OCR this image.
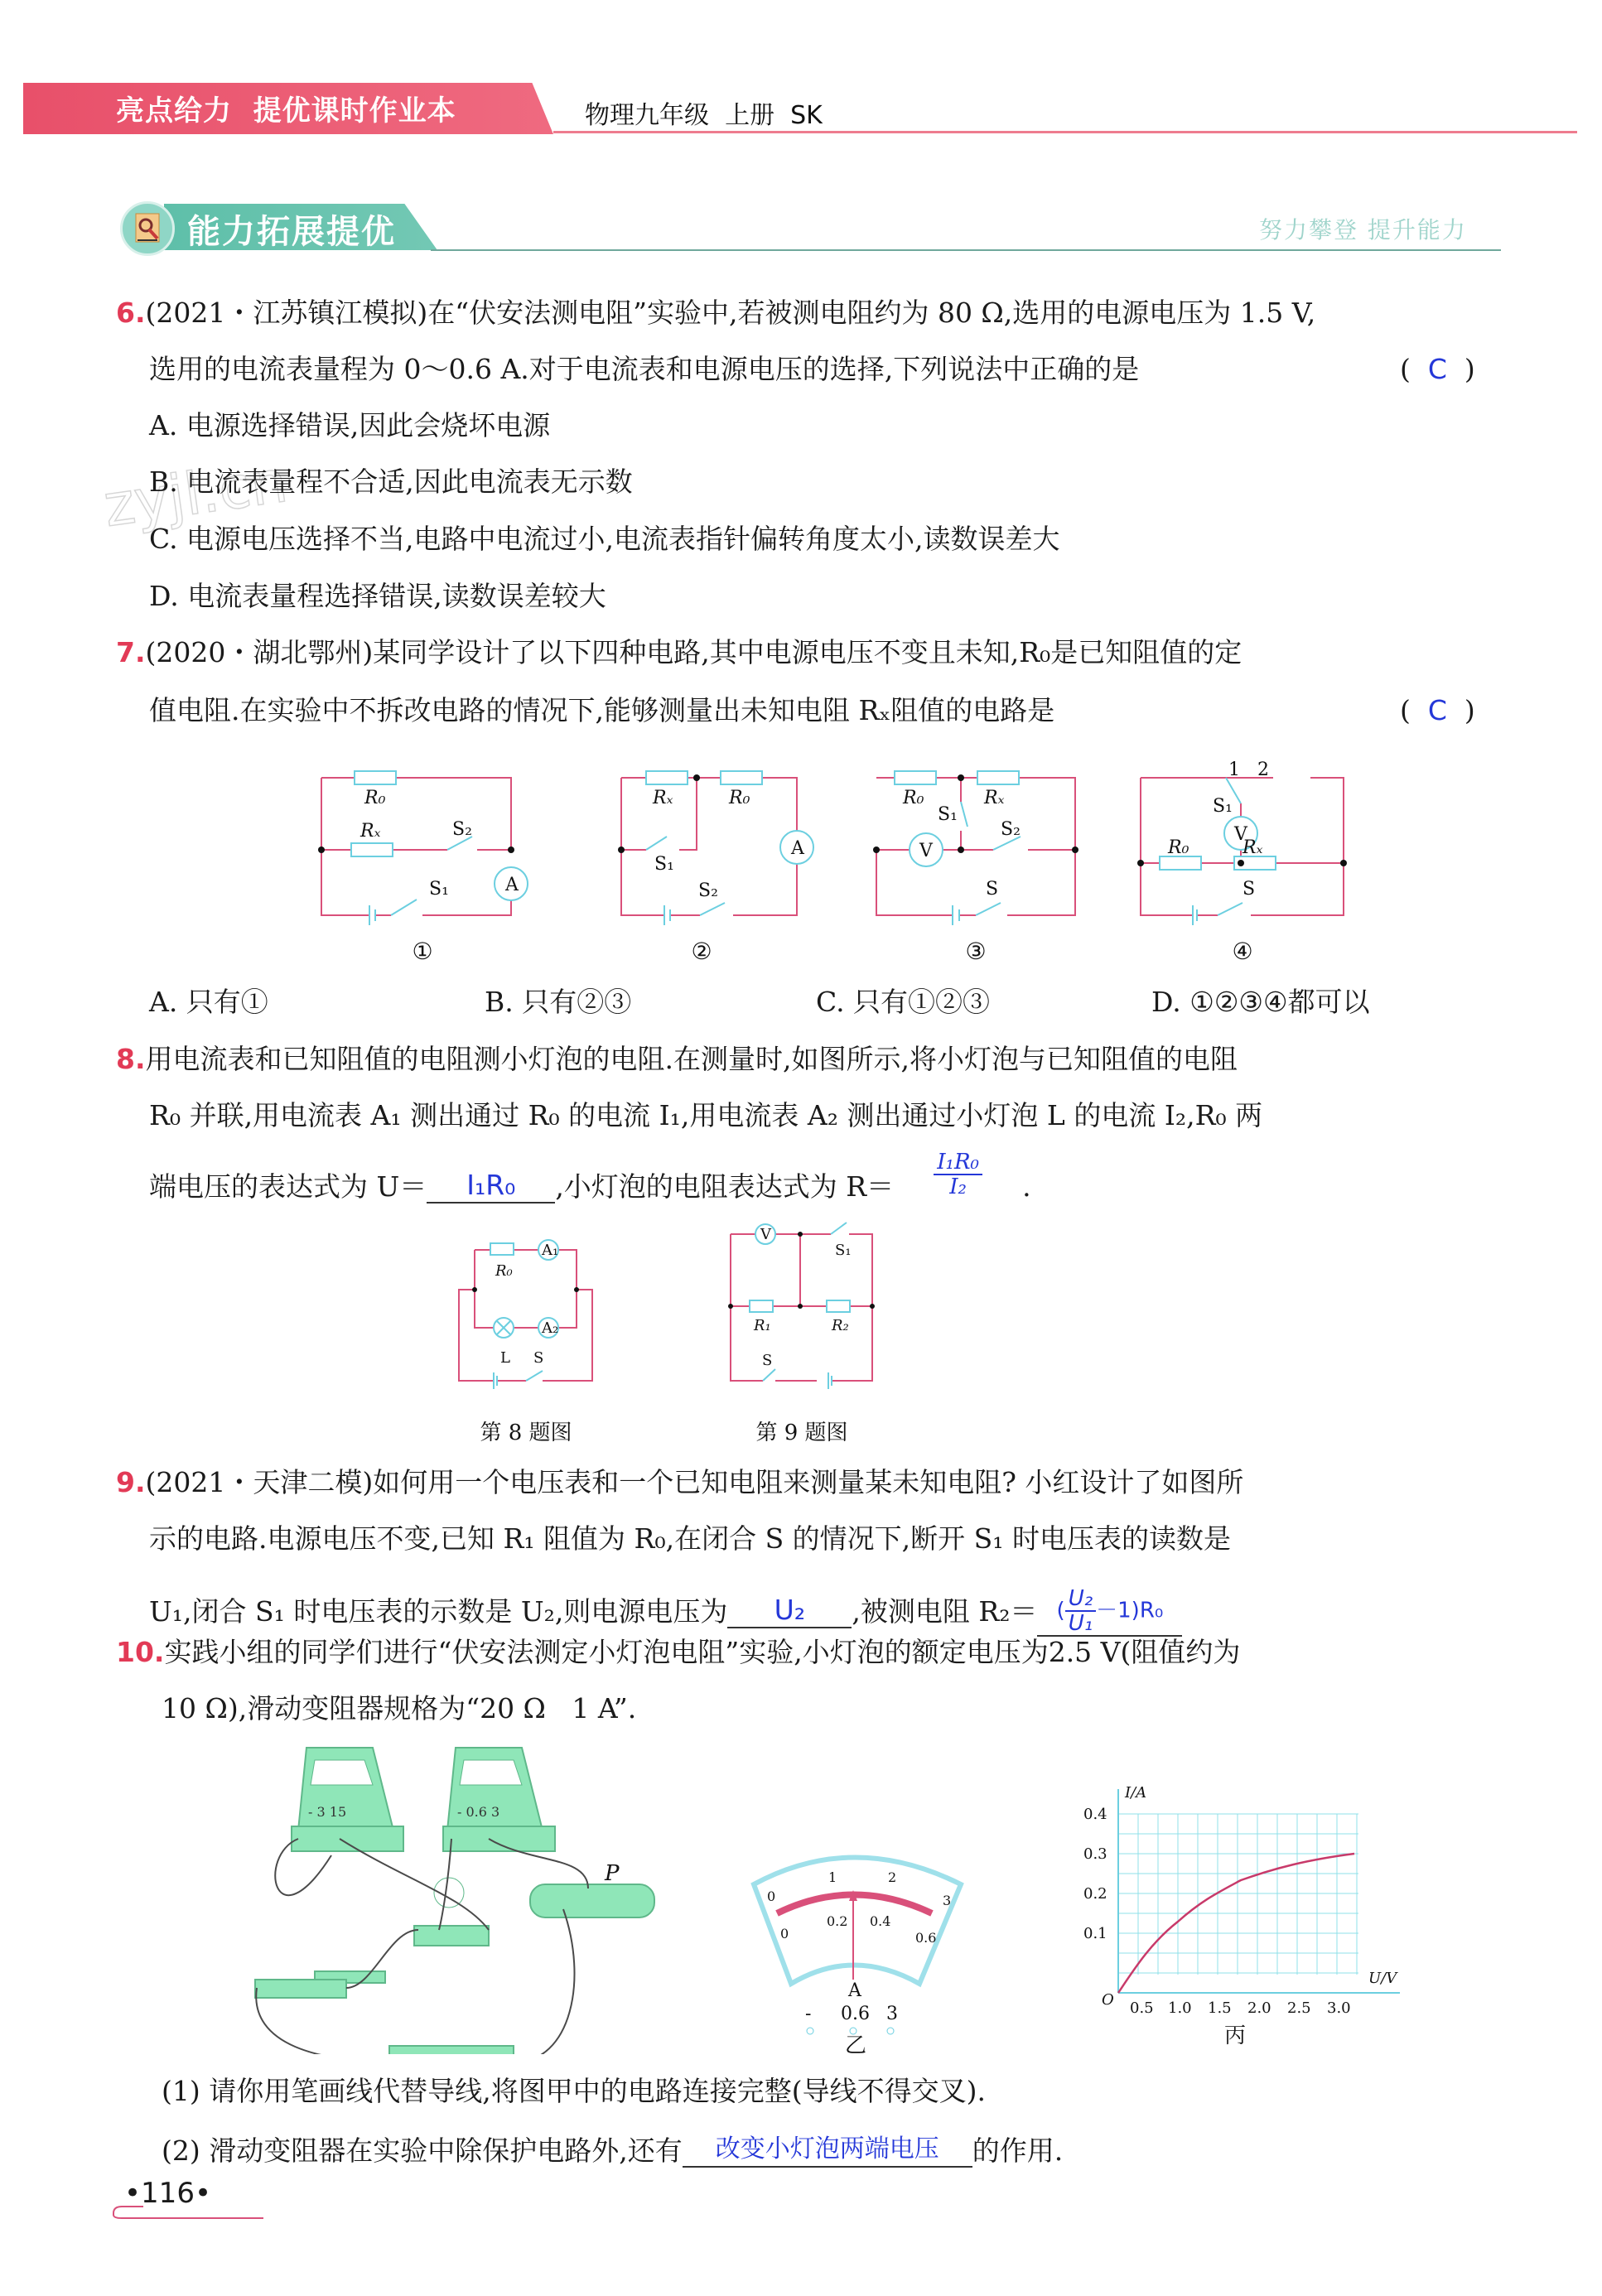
亮点给力  提优课时作业本	物理九年级  上册  SK
能力拓展提优	努力攀登 提升能力
zyjl.cn
6.(2021・江苏镇江模拟)在“伏安法测电阻”实验中,若被测电阻约为 80 Ω,选用的电源电压为 1.5 V,
选用的电流表量程为 0～0.6 A.对于电流表和电源电压的选择,下列说法中正确的是	(  C  )
A. 电源选择错误,因此会烧坏电源
B. 电流表量程不合适,因此电流表无示数
C. 电源电压选择不当,电路中电流过小,电流表指针偏转角度太小,读数误差大
D. 电流表量程选择错误,读数误差较大
7.(2020・湖北鄂州)某同学设计了以下四种电路,其中电源电压不变且未知,R₀是已知阻值的定
值电阻.在实验中不拆改电路的情况下,能够测量出未知电阻 Rₓ阻值的电路是	(  C  )
R₀
Rₓ
Rₓ	R₀	R₀	Rₓ
R₀	Rₓ
S₂
S₁	A
S₁
S₂
A
S₁
S₂
S
V
1 2
S₁
V
S
①	②	③	④
A. 只有①	B. 只有②③	C. 只有①②③	D. ①②③④都可以
8.用电流表和已知阻值的电阻测小灯泡的电阻.在测量时,如图所示,将小灯泡与已知阻值的电阻
R₀ 并联,用电流表 A₁ 测出通过 R₀ 的电流 I₁,用电流表 A₂ 测出通过小灯泡 L 的电流 I₂,R₀ 两
端电压的表达式为 U＝ I₁R₀ ,小灯泡的电阻表达式为 $R= \frac{\text{I₁R₀}}{\text{I₂}}$ .
R₀
A₁
A₂
L S
V
S₁
R₁	R₂
S
第 8 题图	第 9 题图
9.(2021・天津二模)如何用一个电压表和一个已知电阻来测量某未知电阻? 小红设计了如图所
示的电路.电源电压不变,已知 R₁ 阻值为 R₀,在闭合 S 的情况下,断开 S₁ 时电压表的读数是
U₁,闭合 S₁ 时电压表的示数是 U₂,则电源电压为 U₂ ,被测电阻 R₂＝ ( $\frac{\text{U₂}}{\text{U₁}} -1)R_0$
10.实践小组的同学们进行“伏安法测定小灯泡电阻”实验,小灯泡的额定电压为2.5 V(阻值约为
10 Ω),滑动变阻器规格为“20 Ω   1 A”.
- 3 15	- 0.6 3
P
0
1	2
3
0
0.2 0.4
0.6
A
- 0.6 3
乙
I/A
U/V
O
0.4
0.3
0.2
0.1
0.5 1.0 1.5 2.0 2.5 3.0
丙
(1) 请你用笔画线代替导线,将图甲中的电路连接完整(导线不得交叉).
(2) 滑动变阻器在实验中除保护电路外,还有 改变小灯泡两端电压 的作用.
•116•
